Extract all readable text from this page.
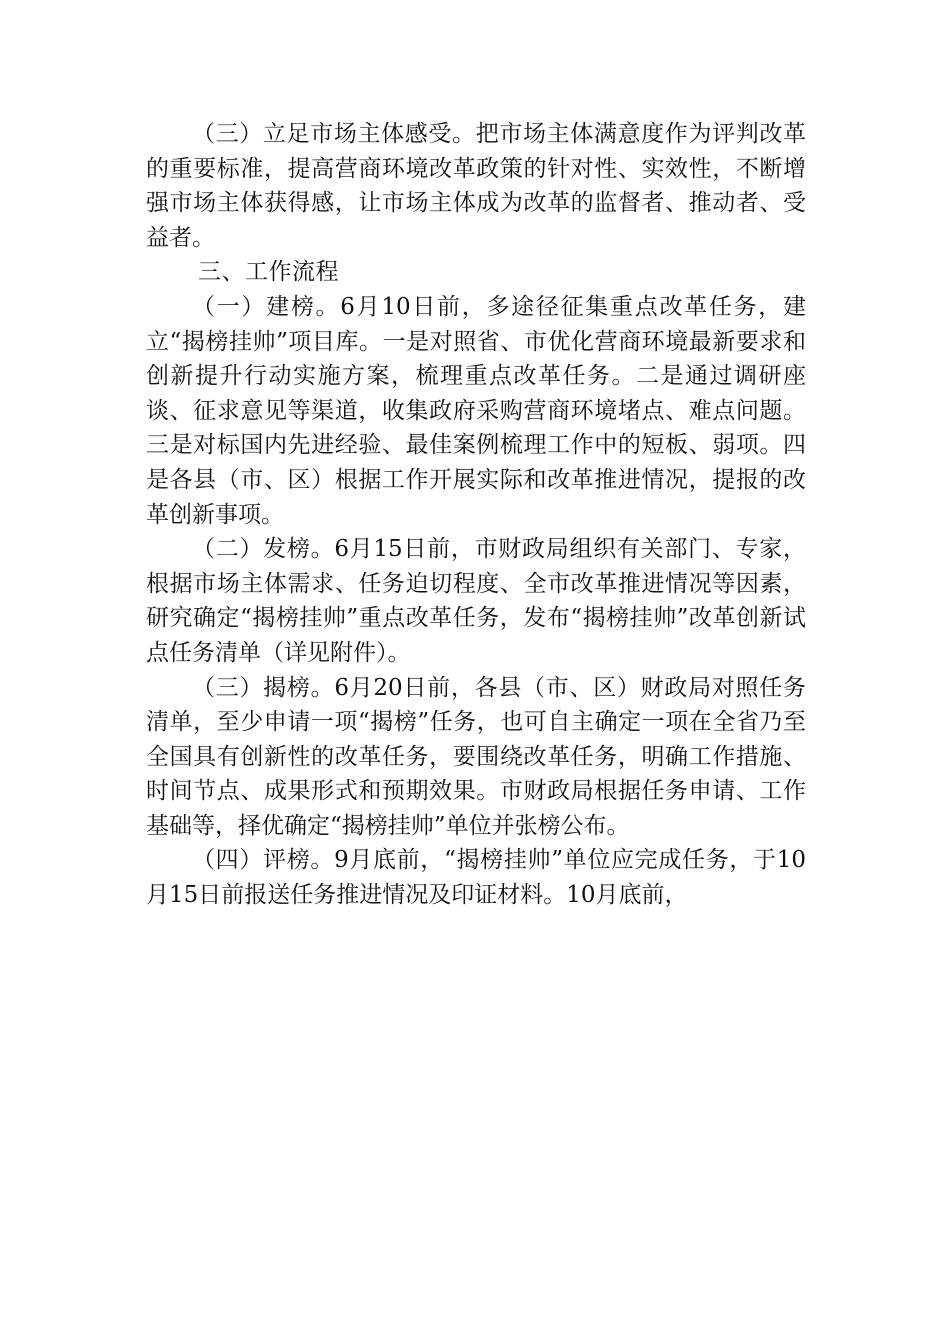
（三）立足市场主体感受。把市场主体满意度作为评判改革的重要标准，提高营商环境改革政策的针对性、实效性，不断增强市场主体获得感，让市场主体成为改革的监督者、推动者、受益者。

三、工作流程

（一）建榜。6月10日前，多途径征集重点改革任务，建立“揭榜挂帅”项目库。一是对照省、市优化营商环境最新要求和创新提升行动实施方案，梳理重点改革任务。二是通过调研座谈、征求意见等渠道，收集政府采购营商环境堵点、难点问题。三是对标国内先进经验、最佳案例梳理工作中的短板、弱项。四是各县（市、区）根据工作开展实际和改革推进情况，提报的改革创新事项。

（二）发榜。6月15日前，市财政局组织有关部门、专家，根据市场主体需求、任务迫切程度、全市改革推进情况等因素，研究确定“揭榜挂帅”重点改革任务，发布“揭榜挂帅”改革创新试点任务清单（详见附件）。

（三）揭榜。6月20日前，各县（市、区）财政局对照任务清单，至少申请一项“揭榜”任务，也可自主确定一项在全省乃至全国具有创新性的改革任务，要围绕改革任务，明确工作措施、时间节点、成果形式和预期效果。市财政局根据任务申请、工作基础等，择优确定“揭榜挂帅”单位并张榜公布。

（四）评榜。9月底前，“揭榜挂帅”单位应完成任务，于10月15日前报送任务推进情况及印证材料。10月底前，
